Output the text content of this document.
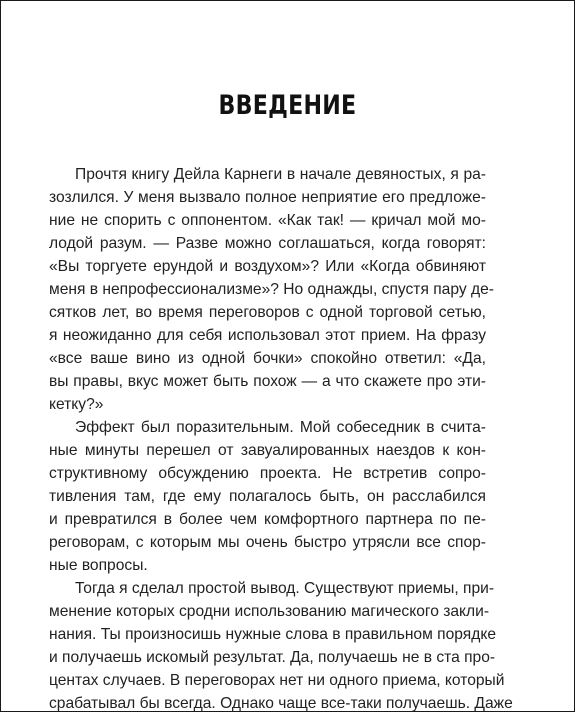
ВВЕДЕНИЕ
Прочтя книгу Дейла Карнеги в начале девяностых, я ра-
зозлился. У меня вызвало полное неприятие его предложе-
ние не спорить с оппонентом. «Как так! — кричал мой мо-
лодой разум. — Разве можно соглашаться, когда говорят:
«Вы торгуете ерундой и воздухом»? Или «Когда обвиняют
меня в непрофессионализме»? Но однажды, спустя пару де-
сятков лет, во время переговоров с одной торговой сетью,
я неожиданно для себя использовал этот прием. На фразу
«все ваше вино из одной бочки» спокойно ответил: «Да,
вы правы, вкус может быть похож — а что скажете про эти-
кетку?»
Эффект был поразительным. Мой собеседник в счита-
ные минуты перешел от завуалированных наездов к кон-
структивному обсуждению проекта. Не встретив сопро-
тивления там, где ему полагалось быть, он расслабился
и превратился в более чем комфортного партнера по пе-
реговорам, с которым мы очень быстро утрясли все спор-
ные вопросы.
Тогда я сделал простой вывод. Существуют приемы, при-
менение которых сродни использованию магического закли-
нания. Ты произносишь нужные слова в правильном порядке
и получаешь искомый результат. Да, получаешь не в ста про-
центах случаев. В переговорах нет ни одного приема, который
срабатывал бы всегда. Однако чаще все-таки получаешь. Даже
